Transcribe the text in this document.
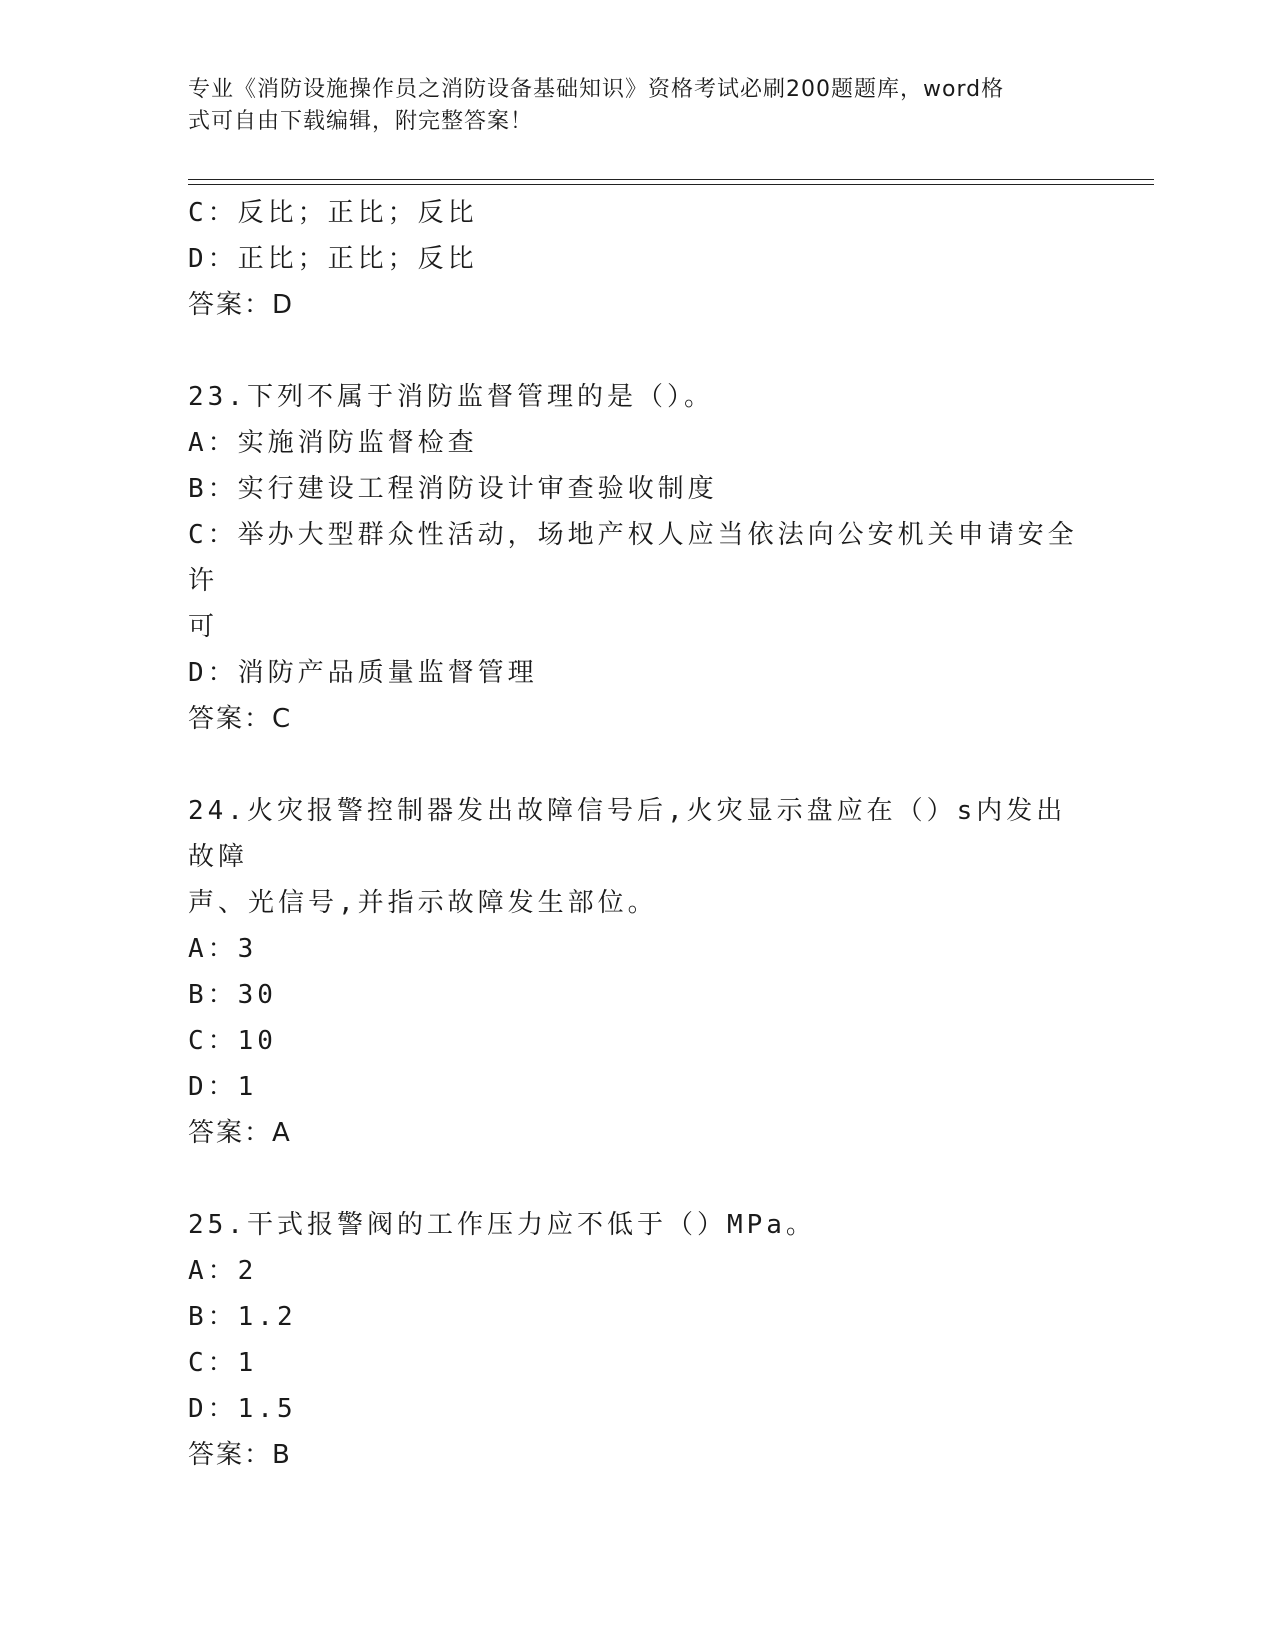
专业《消防设施操作员之消防设备基础知识》资格考试必刷200题题库，word格
式可自由下载编辑，附完整答案！

C：反比；正比；反比

D：正比；正比；反比

答案：D

23.下列不属于消防监督管理的是（）。

A：实施消防监督检查

B：实行建设工程消防设计审查验收制度

C：举办大型群众性活动，场地产权人应当依法向公安机关申请安全许

可

D：消防产品质量监督管理

答案：C

24.火灾报警控制器发出故障信号后,火灾显示盘应在（）s内发出故障

声、光信号,并指示故障发生部位。

A：3

B：30

C：10

D：1

答案：A

25.干式报警阀的工作压力应不低于（）MPa。

A：2

B：1.2

C：1

D：1.5

答案：B
